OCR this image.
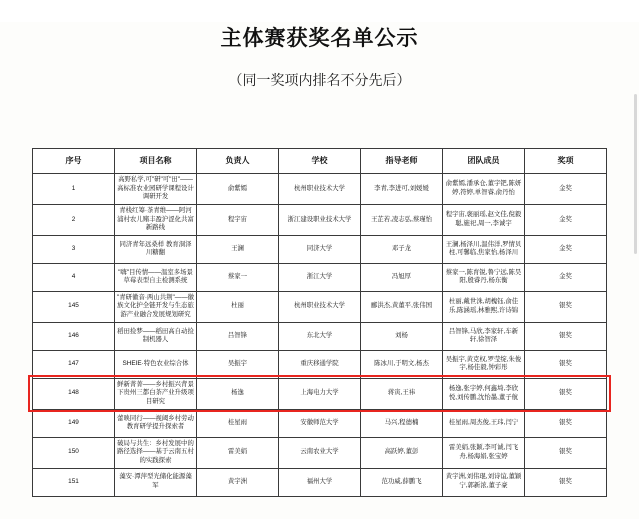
主体赛获奖名单公示
（同一奖项内排名不分先后）
序号	项目名称	负责人	学校	指导老师	团队成员	奖项
1	高野私学,可"研"可"田"——高标准农业园研学课程设计调研开发	俞紫嫣	杭州职业技术大学	李青,李进可,刘媛媛	俞紫嫣,潘承仓,董宇钯,陈妍婷,符婷,单智睿,俞丹怡	金奖
2	青栈红筹·茶青维——阿河浦村农儿赌丰盈沪涩化共富新路线	程宇宙	浙江建设职业技术大学	王芷若,凌志弘,蔡瑾怡	程宇宙,褒丽瑶,赵文佳,倪毅聪,施祀,周一,李诚宇	金奖
3	同济青年远桑样 教育洞泽川糖翻	王澜	同济大学	邓子龙	王澜,杨泽川,温伟洋,罗情贝柱,可馨临,焦家怡,杨泽川	金奖
4	"嗨"目传情——温室多场景草莓表型自主检测系统	蔡家一	浙江大学	冯旭厚	蔡家一,陈育锐,鲁宁远,陈昊阳,殷睿丹,杨东衡	金奖
145	"青研徽音·两山共荆"——徽族文化护全链开发与生态旅游产业融合发展规划研究	杜丽	杭州职业技术大学	郦洪杰,黄董平,张伟国	杜丽,戴世洙,胡槐钰,俞佳乐,陈涵瑶,林雅熙,许诗锦	银奖
146	稻田捡梦——稻田高自动捡制机器人	吕智锋	东北大学	刘杨	吕智锋,马欣,李家轩,车新轩,徐智泽	银奖
147	SHEIE·特色农业综合体	吴振宇	重庆移通学院	陈冰川,于明文,杨杰	吴振宇,黄克权,罗莹绽,朱俊宇,杨佳毅,钟彩彤	银奖
148	鲜新菁菁——乡村振兴背景下贵州三都白茶产业升级项目研究	杨逸	上海电力大学	蒋寅,王祎	杨逸,张宇婷,何鑫埼,李欣悦,刘传鹏,沈怡墨,董子航	银奖
149	蕾映同行——视阈乡村劳动教育研学提升探索者	桂星雨	安徽师范大学	马兴,程德楠	桂星雨,周杰俊,王玮,闫宁	银奖
150	破局与共生：乡村发展中的路径选择——基于云南五村的实践探索	雷美娟	云南农业大学	高跃婷,董彭	雷美娟,张颖,李可诚,闫飞舟,杨海娟,张宝婷	银奖
151	藻安·潭萍型光储化能源藻军	黄宇洲	福州大学	范功威,薛鹏飞	黄宇洲,刘伟琨,刘诗谊,董颖宁,郭新浓,董子豪	银奖
